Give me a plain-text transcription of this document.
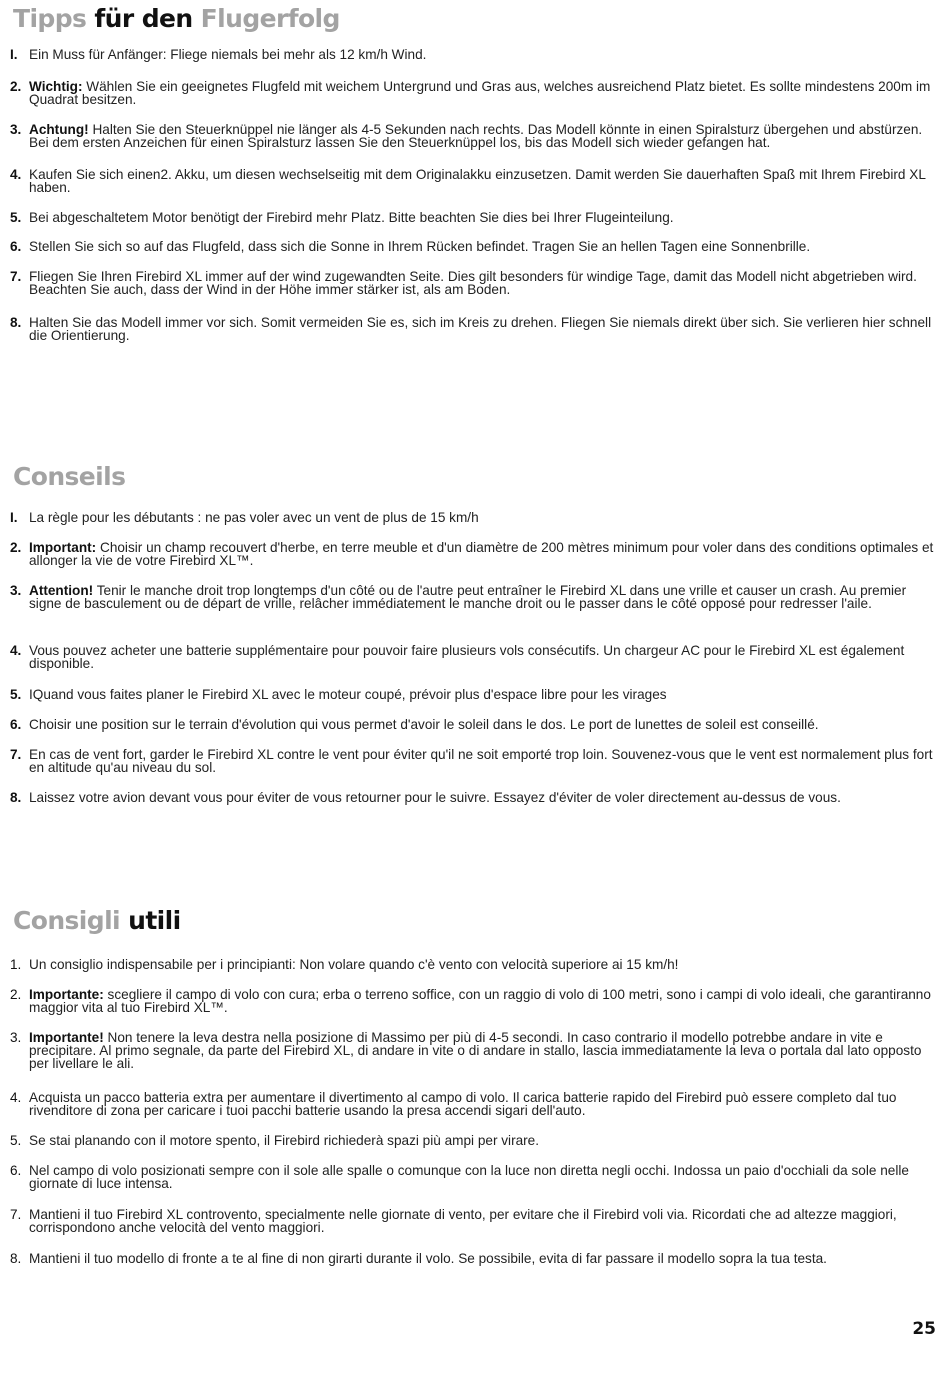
Tipps für den Flugerfolg
I. Ein Muss für Anfänger: Fliege niemals bei mehr als 12 km/h Wind.
2. Wichtig: Wählen Sie ein geeignetes Flugfeld mit weichem Untergrund und Gras aus, welches ausreichend Platz bietet. Es sollte mindestens 200m im Quadrat besitzen.
3. Achtung! Halten Sie den Steuerknüppel nie länger als 4-5 Sekunden nach rechts. Das Modell könnte in einen Spiralsturz übergehen und abstürzen. Bei dem ersten Anzeichen für einen Spiralsturz lassen Sie den Steuerknüppel los, bis das Modell sich wieder gefangen hat.
4. Kaufen Sie sich einen2. Akku, um diesen wechselseitig mit dem Originalakku einzusetzen. Damit werden Sie dauerhaften Spaß mit Ihrem Firebird XL haben.
5. Bei abgeschaltetem Motor benötigt der Firebird mehr Platz. Bitte beachten Sie dies bei Ihrer Flugeinteilung.
6. Stellen Sie sich so auf das Flugfeld, dass sich die Sonne in Ihrem Rücken befindet. Tragen Sie an hellen Tagen eine Sonnenbrille.
7. Fliegen Sie Ihren Firebird XL immer auf der wind zugewandten Seite. Dies gilt besonders für windige Tage, damit das Modell nicht abgetrieben wird. Beachten Sie auch, dass der Wind in der Höhe immer stärker ist, als am Boden.
8. Halten Sie das Modell immer vor sich. Somit vermeiden Sie es, sich im Kreis zu drehen. Fliegen Sie niemals direkt über sich. Sie verlieren hier schnell die Orientierung.
Conseils
I. La règle pour les débutants : ne pas voler avec un vent de plus de 15 km/h
2. Important: Choisir un champ recouvert d'herbe, en terre meuble et d'un diamètre de 200 mètres minimum pour voler dans des conditions optimales et allonger la vie de votre Firebird XL™.
3. Attention! Tenir le manche droit trop longtemps d'un côté ou de l'autre peut entraîner le Firebird XL dans une vrille et causer un crash. Au premier signe de basculement ou de départ de vrille, relâcher immédiatement le manche droit ou le passer dans le côté opposé pour redresser l'aile.
4. Vous pouvez acheter une batterie supplémentaire pour pouvoir faire plusieurs vols consécutifs. Un chargeur AC pour le Firebird XL est également disponible.
5. IQuand vous faites planer le Firebird XL avec le moteur coupé, prévoir plus d'espace libre pour les virages
6. Choisir une position sur le terrain d'évolution qui vous permet d'avoir le soleil dans le dos. Le port de lunettes de soleil est conseillé.
7. En cas de vent fort, garder le Firebird XL contre le vent pour éviter qu'il ne soit emporté trop loin. Souvenez-vous que le vent est normalement plus fort en altitude qu'au niveau du sol.
8. Laissez votre avion devant vous pour éviter de vous retourner pour le suivre. Essayez d'éviter de voler directement au-dessus de vous.
Consigli utili
1. Un consiglio indispensabile per i principianti: Non volare quando c'è vento con velocità superiore ai 15 km/h!
2. Importante: scegliere il campo di volo con cura; erba o terreno soffice, con un raggio di volo di 100 metri, sono i campi di volo ideali, che garantiranno maggior vita al tuo Firebird XL™.
3. Importante! Non tenere la leva destra nella posizione di Massimo per più di 4-5 secondi. In caso contrario il modello potrebbe andare in vite e precipitare. Al primo segnale, da parte del Firebird XL, di andare in vite o di andare in stallo, lascia immediatamente la leva o portala dal lato opposto per livellare le ali.
4. Acquista un pacco batteria extra per aumentare il divertimento al campo di volo. Il carica batterie rapido del Firebird può essere completo dal tuo rivenditore di zona per caricare i tuoi pacchi batterie usando la presa accendi sigari dell'auto.
5. Se stai planando con il motore spento, il Firebird richiederà spazi più ampi per virare.
6. Nel campo di volo posizionati sempre con il sole alle spalle o comunque con la luce non diretta negli occhi. Indossa un paio d'occhiali da sole nelle giornate di luce intensa.
7. Mantieni il tuo Firebird XL controvento, specialmente nelle giornate di vento, per evitare che il Firebird voli via. Ricordati che ad altezze maggiori, corrispondono anche velocità del vento maggiori.
8. Mantieni il tuo modello di fronte a te al fine di non girarti durante il volo. Se possibile, evita di far passare il modello sopra la tua testa.
25
